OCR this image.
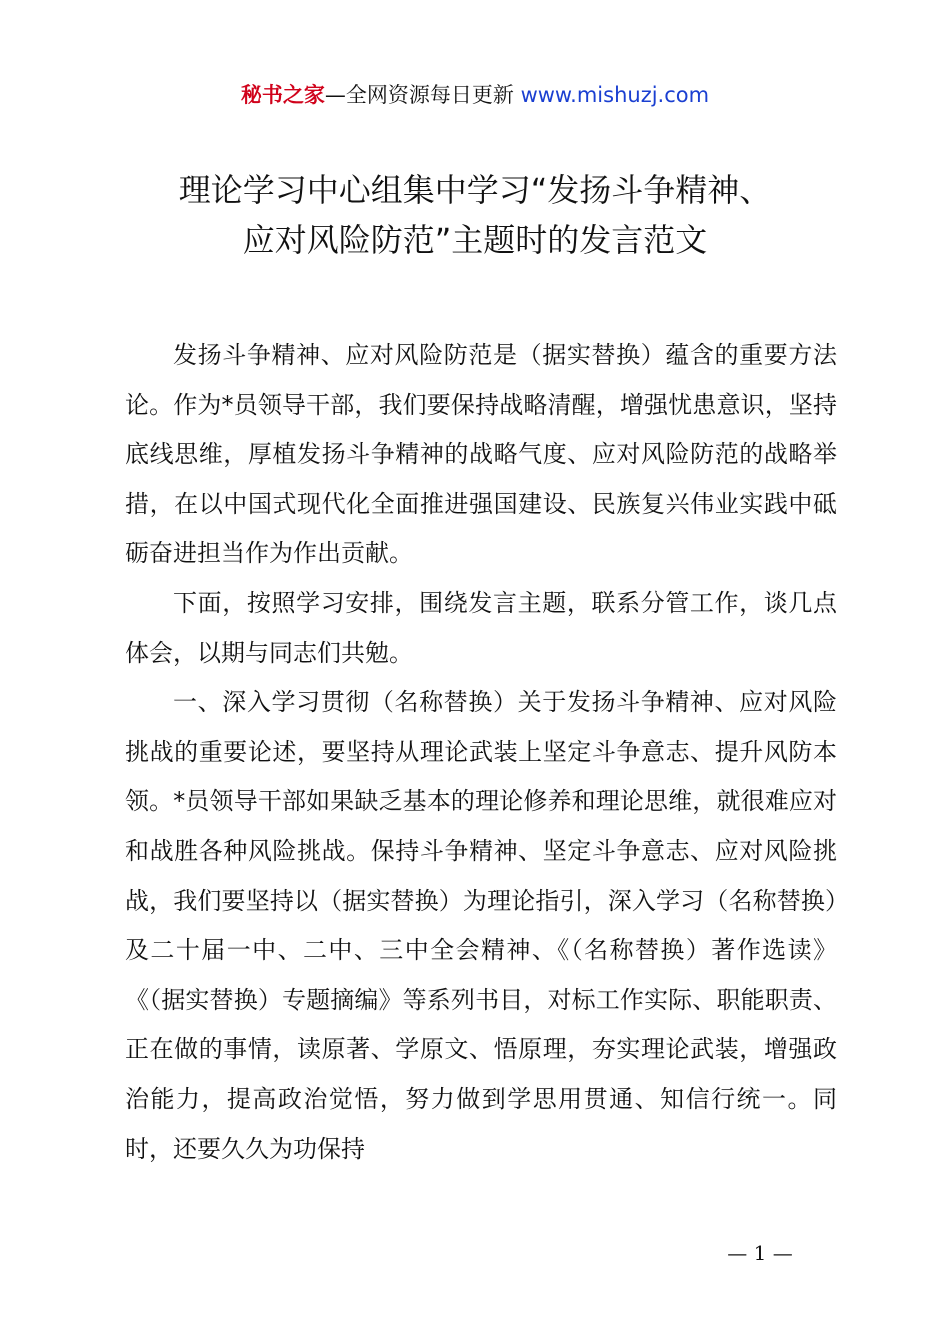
秘书之家—全网资源每日更新 www.mishuzj.com
理论学习中心组集中学习“发扬斗争精神、
应对风险防范”主题时的发言范文

发扬斗争精神、应对风险防范是（据实替换）蕴含的重要方法论。作为*员领导干部，我们要保持战略清醒，增强忧患意识，坚持底线思维，厚植发扬斗争精神的战略气度、应对风险防范的战略举措，在以中国式现代化全面推进强国建设、民族复兴伟业实践中砥砺奋进担当作为作出贡献。

下面，按照学习安排，围绕发言主题，联系分管工作，谈几点体会，以期与同志们共勉。

一、深入学习贯彻（名称替换）关于发扬斗争精神、应对风险挑战的重要论述，要坚持从理论武装上坚定斗争意志、提升风防本领。*员领导干部如果缺乏基本的理论修养和理论思维，就很难应对和战胜各种风险挑战。保持斗争精神、坚定斗争意志、应对风险挑战，我们要坚持以（据实替换）为理论指引，深入学习（名称替换）及二十届一中、二中、三中全会精神、《（名称替换）著作选读》《（据实替换）专题摘编》等系列书目，对标工作实际、职能职责、正在做的事情，读原著、学原文、悟原理，夯实理论武装，增强政治能力，提高政治觉悟，努力做到学思用贯通、知信行统一。同时，还要久久为功保持

— 1 —
